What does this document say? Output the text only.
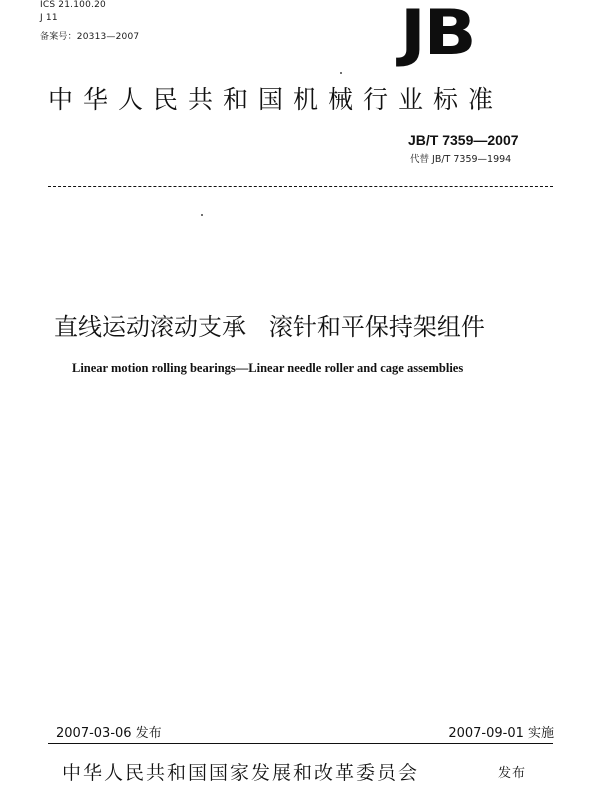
ICS 21.100.20
J 11
备案号：20313—2007	JB
中华人民共和国机械行业标准
JB/T 7359—2007
代替 JB/T 7359—1994
直线运动滚动支承   滚针和平保持架组件
Linear motion rolling bearings—Linear needle roller and cage assemblies
2007-03-06 发布	2007-09-01 实施
中华人民共和国国家发展和改革委员会	发布
